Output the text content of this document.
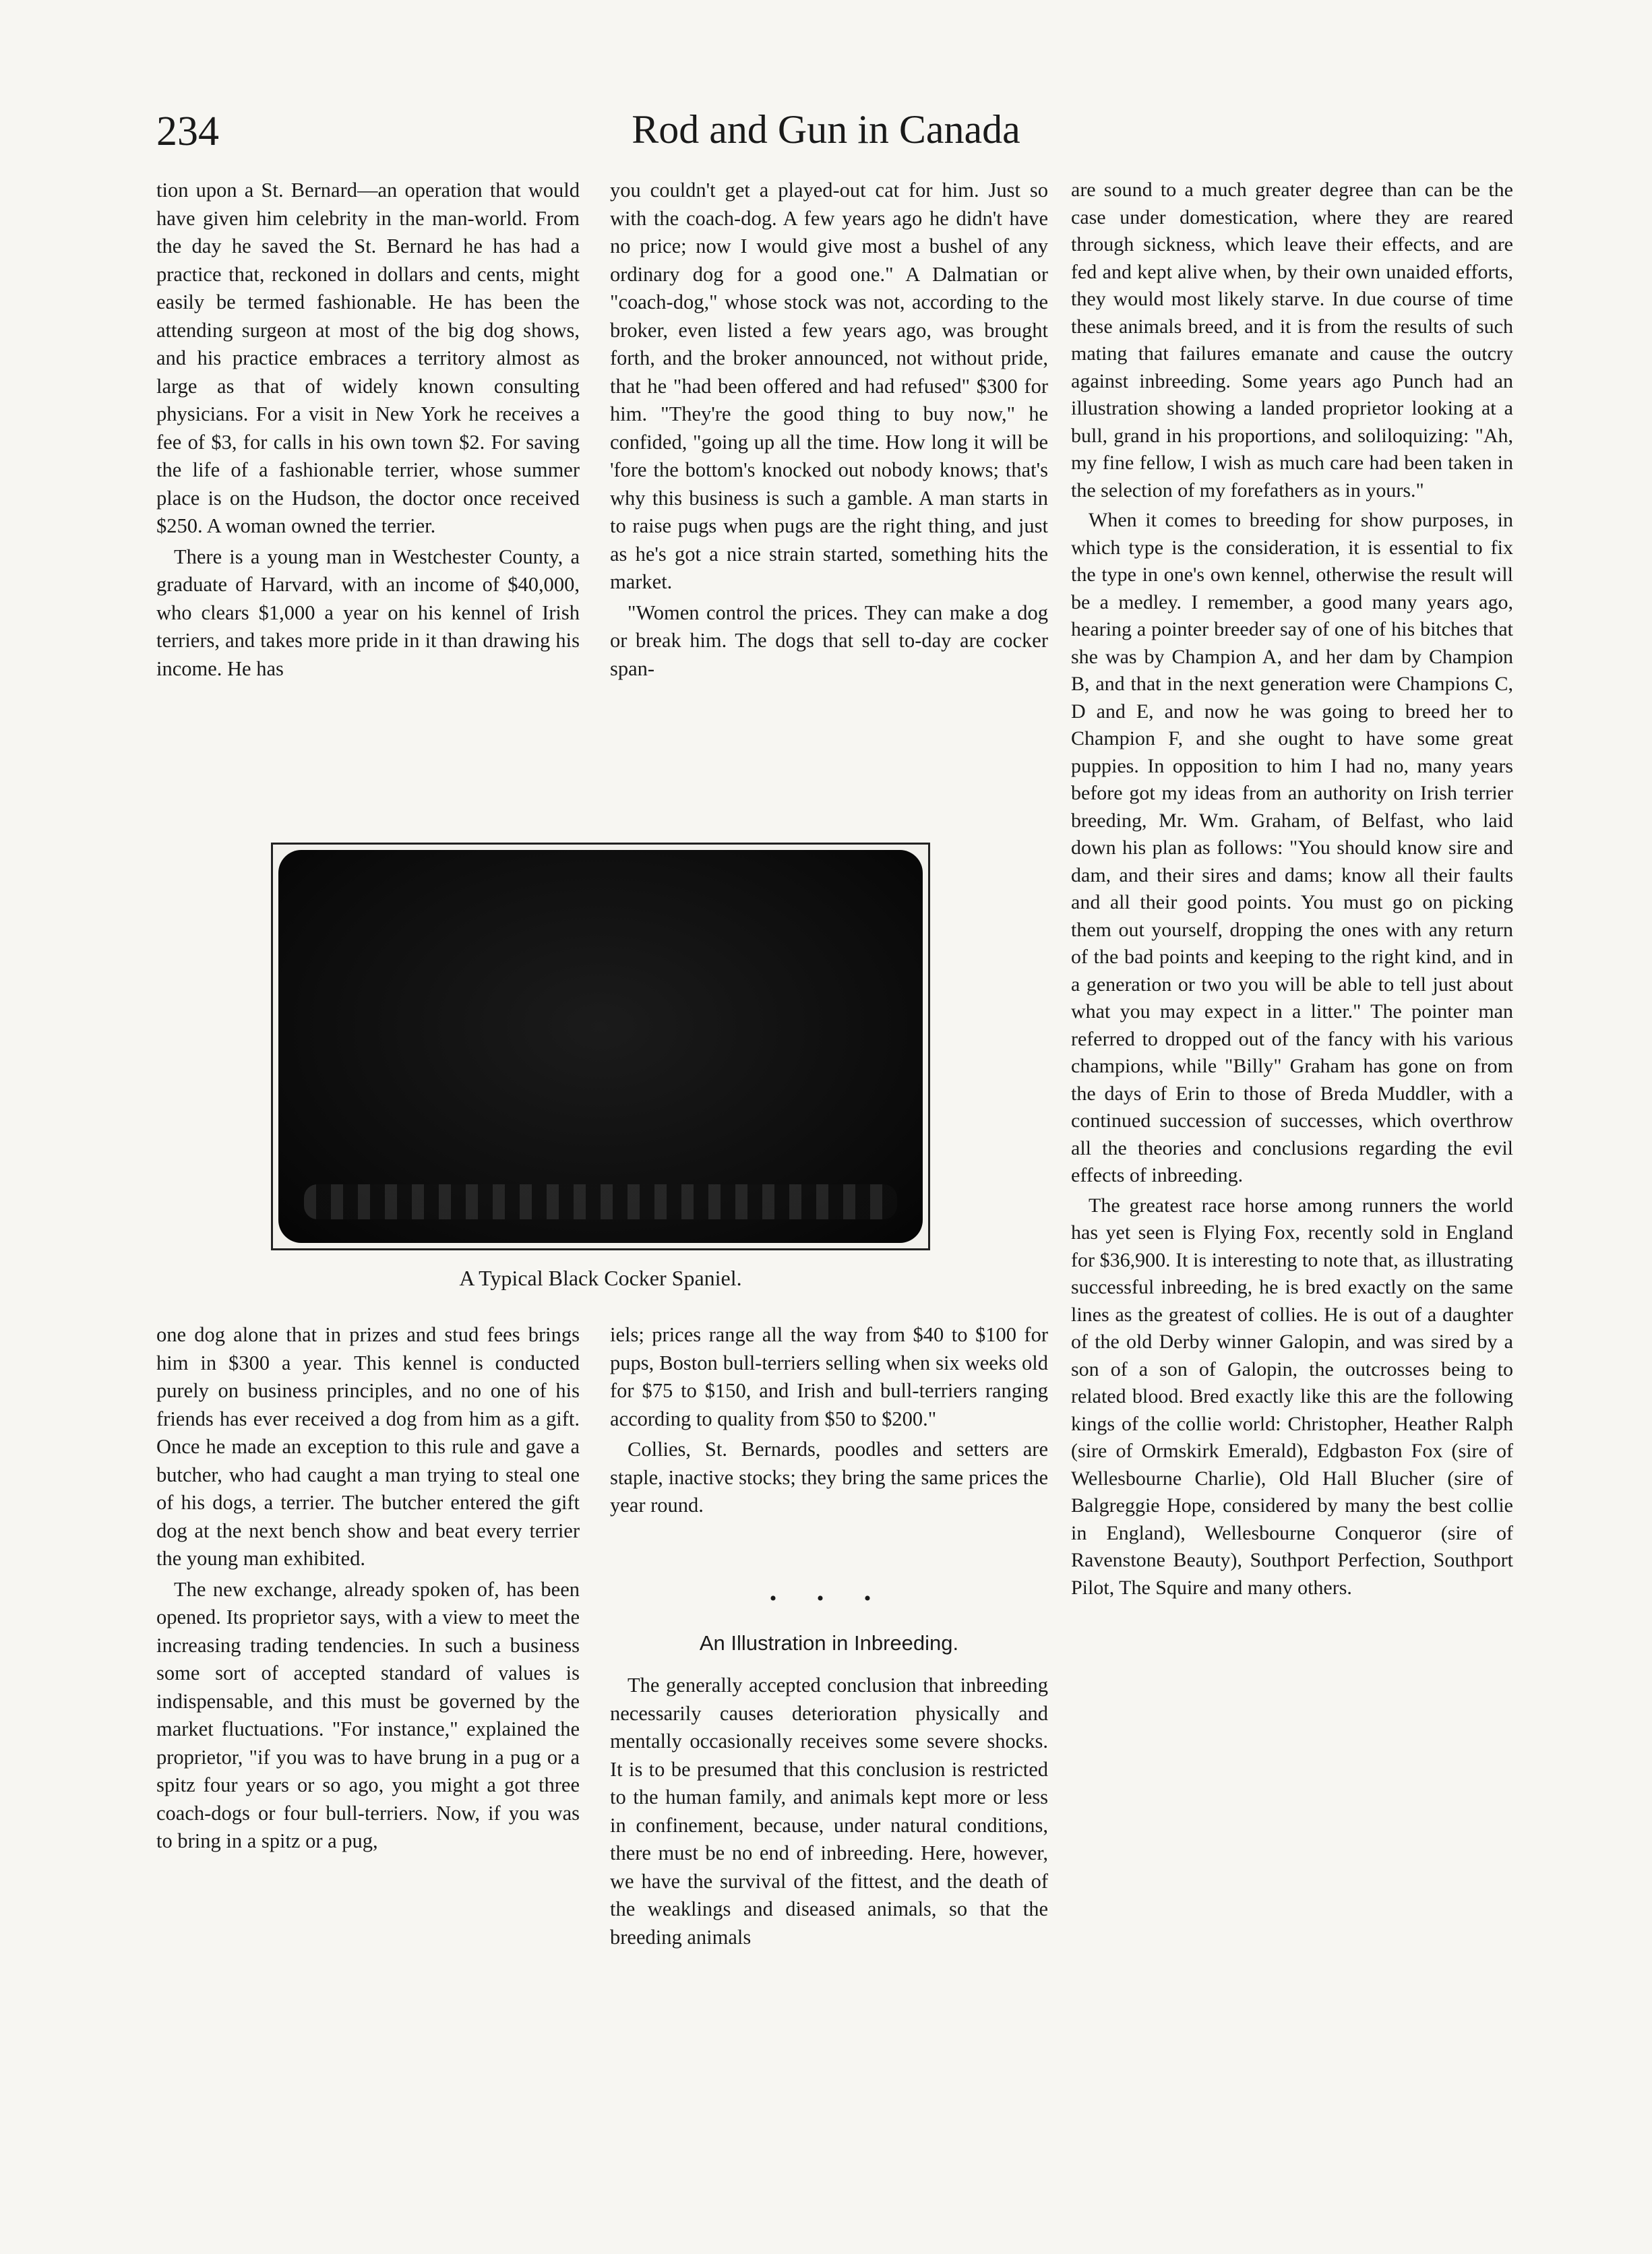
234	Rod and Gun in Canada

tion upon a St. Bernard—an operation that would have given him celebrity in the man-world. From the day he saved the St. Bernard he has had a practice that, reckoned in dollars and cents, might easily be termed fashionable. He has been the attending surgeon at most of the big dog shows, and his practice embraces a territory almost as large as that of widely known consulting physicians. For a visit in New York he receives a fee of $3, for calls in his own town $2. For saving the life of a fashionable terrier, whose summer place is on the Hudson, the doctor once received $250. A woman owned the terrier.

There is a young man in Westchester County, a graduate of Harvard, with an income of $40,000, who clears $1,000 a year on his kennel of Irish terriers, and takes more pride in it than drawing his income. He has

you couldn't get a played-out cat for him. Just so with the coach-dog. A few years ago he didn't have no price; now I would give most a bushel of any ordinary dog for a good one." A Dalmatian or "coach-dog," whose stock was not, according to the broker, even listed a few years ago, was brought forth, and the broker announced, not without pride, that he "had been offered and had refused" $300 for him. "They're the good thing to buy now," he confided, "going up all the time. How long it will be 'fore the bottom's knocked out nobody knows; that's why this business is such a gamble. A man starts in to raise pugs when pugs are the right thing, and just as he's got a nice strain started, something hits the market.

"Women control the prices. They can make a dog or break him. The dogs that sell to-day are cocker span-

are sound to a much greater degree than can be the case under domestication, where they are reared through sickness, which leave their effects, and are fed and kept alive when, by their own unaided efforts, they would most likely starve. In due course of time these animals breed, and it is from the results of such mating that failures emanate and cause the outcry against inbreeding. Some years ago Punch had an illustration showing a landed proprietor looking at a bull, grand in his proportions, and soliloquizing: "Ah, my fine fellow, I wish as much care had been taken in the selection of my forefathers as in yours."

When it comes to breeding for show purposes, in which type is the consideration, it is essential to fix the type in one's own kennel, otherwise the result will be a medley. I remember, a good many years ago, hearing a pointer breeder say of one of his bitches that she was by Champion A, and her dam by Champion B, and that in the next generation were Champions C, D and E, and now he was going to breed her to Champion F, and she ought to have some great puppies. In opposition to him I had no, many years before got my ideas from an authority on Irish terrier breeding, Mr. Wm. Graham, of Belfast, who laid down his plan as follows: "You should know sire and dam, and their sires and dams; know all their faults and all their good points. You must go on picking them out yourself, dropping the ones with any return of the bad points and keeping to the right kind, and in a generation or two you will be able to tell just about what you may expect in a litter." The pointer man referred to dropped out of the fancy with his various champions, while "Billy" Graham has gone on from the days of Erin to those of Breda Muddler, with a continued succession of successes, which overthrow all the theories and conclusions regarding the evil effects of inbreeding.

The greatest race horse among runners the world has yet seen is Flying Fox, recently sold in England for $36,900. It is interesting to note that, as illustrating successful inbreeding, he is bred exactly on the same lines as the greatest of collies. He is out of a daughter of the old Derby winner Galopin, and was sired by a son of a son of Galopin, the outcrosses being to related blood. Bred exactly like this are the following kings of the collie world: Christopher, Heather Ralph (sire of Ormskirk Emerald), Edgbaston Fox (sire of Wellesbourne Charlie), Old Hall Blucher (sire of Balgreggie Hope, considered by many the best collie in England), Wellesbourne Conqueror (sire of Ravenstone Beauty), Southport Perfection, Southport Pilot, The Squire and many others.

A Typical Black Cocker Spaniel.

one dog alone that in prizes and stud fees brings him in $300 a year. This kennel is conducted purely on business principles, and no one of his friends has ever received a dog from him as a gift. Once he made an exception to this rule and gave a butcher, who had caught a man trying to steal one of his dogs, a terrier. The butcher entered the gift dog at the next bench show and beat every terrier the young man exhibited.

The new exchange, already spoken of, has been opened. Its proprietor says, with a view to meet the increasing trading tendencies. In such a business some sort of accepted standard of values is indispensable, and this must be governed by the market fluctuations. "For instance," explained the proprietor, "if you was to have brung in a pug or a spitz four years or so ago, you might a got three coach-dogs or four bull-terriers. Now, if you was to bring in a spitz or a pug,

iels; prices range all the way from $40 to $100 for pups, Boston bull-terriers selling when six weeks old for $75 to $150, and Irish and bull-terriers ranging according to quality from $50 to $200."

Collies, St. Bernards, poodles and setters are staple, inactive stocks; they bring the same prices the year round.

• • •
An Illustration in Inbreeding.

The generally accepted conclusion that inbreeding necessarily causes deterioration physically and mentally occasionally receives some severe shocks. It is to be presumed that this conclusion is restricted to the human family, and animals kept more or less in confinement, because, under natural conditions, there must be no end of inbreeding. Here, however, we have the survival of the fittest, and the death of the weaklings and diseased animals, so that the breeding animals
